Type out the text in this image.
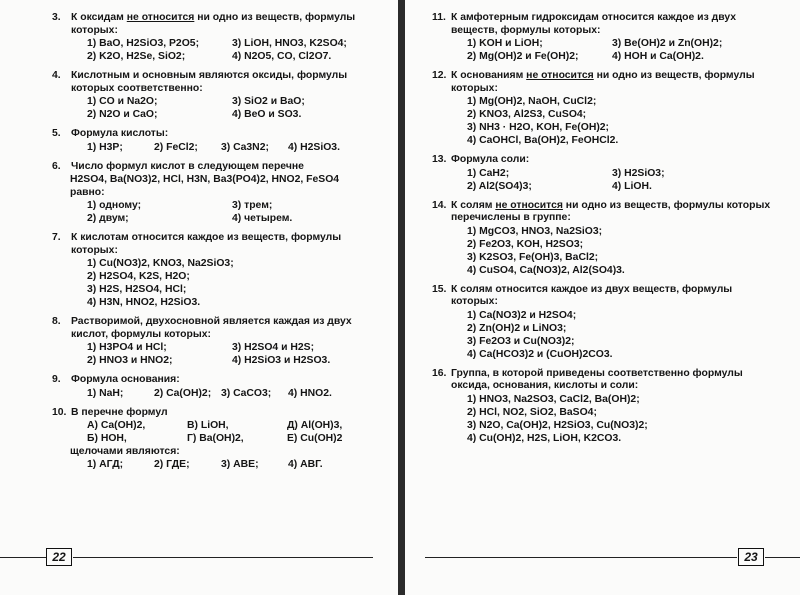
3. К оксидам не относится ни одно из веществ, формулы которых:
1) BaO, H2SiO3, P2O5;	3) LiOH, HNO3, K2SO4;
2) K2O, H2Se, SiO2;	4) N2O5, CO, Cl2O7.
4. Кислотным и основным являются оксиды, формулы которых соответственно:
1) CO и Na2O;	3) SiO2 и BaO;
2) N2O и CaO;	4) BeO и SO3.
5. Формула кислоты:
1) H3P;	2) FeCl2;	3) Ca3N2;	4) H2SiO3.
6. Число формул кислот в следующем перечне
H2SO4, Ba(NO3)2, HCl, H3N, Ba3(PO4)2, HNO2, FeSO4
равно:
1) одному;	3) трем;
2) двум;	4) четырем.
7. К кислотам относится каждое из веществ, формулы которых:
1) Cu(NO3)2, KNO3, Na2SiO3;
2) H2SO4, K2S, H2O;
3) H2S, H2SO4, HCl;
4) H3N, HNO2, H2SiO3.
8. Растворимой, двухосновной является каждая из двух кислот, формулы которых:
1) H3PO4 и HCl;	3) H2SO4 и H2S;
2) HNO3 и HNO2;	4) H2SiO3 и H2SO3.
9. Формула основания:
1) NaH;	2) Ca(OH)2; 3) CaCO3;	4) HNO2.
10. В перечне формул
А) Ca(OH)2,	В) LiOH,	Д) Al(OH)3,
Б) HOH,	Г) Ba(OH)2,	Е) Cu(OH)2
щелочами являются:
1) АГД;	2) ГДЕ;	3) АВЕ;	4) АВГ.
22
11. К амфотерным гидроксидам относится каждое из двух веществ, формулы которых:
1) KOH и LiOH;	3) Be(OH)2 и Zn(OH)2;
2) Mg(OH)2 и Fe(OH)2;	4) HOH и Ca(OH)2.
12. К основаниям не относится ни одно из веществ, формулы которых:
1) Mg(OH)2, NaOH, CuCl2;
2) KNO3, Al2S3, CuSO4;
3) NH3 · H2O, KOH, Fe(OH)2;
4) CaOHCl, Ba(OH)2, FeOHCl2.
13. Формула соли:
1) CaH2;	3) H2SiO3;
2) Al2(SO4)3;	4) LiOH.
14. К солям не относится ни одно из веществ, формулы которых перечислены в группе:
1) MgCO3, HNO3, Na2SiO3;
2) Fe2O3, KOH, H2SO3;
3) K2SO3, Fe(OH)3, BaCl2;
4) CuSO4, Ca(NO3)2, Al2(SO4)3.
15. К солям относится каждое из двух веществ, формулы которых:
1) Ca(NO3)2 и H2SO4;
2) Zn(OH)2 и LiNO3;
3) Fe2O3 и Cu(NO3)2;
4) Ca(HCO3)2 и (CuOH)2CO3.
16. Группа, в которой приведены соответственно формулы оксида, основания, кислоты и соли:
1) HNO3, Na2SO3, CaCl2, Ba(OH)2;
2) HCl, NO2, SiO2, BaSO4;
3) N2O, Ca(OH)2, H2SiO3, Cu(NO3)2;
4) Cu(OH)2, H2S, LiOH, K2CO3.
23
